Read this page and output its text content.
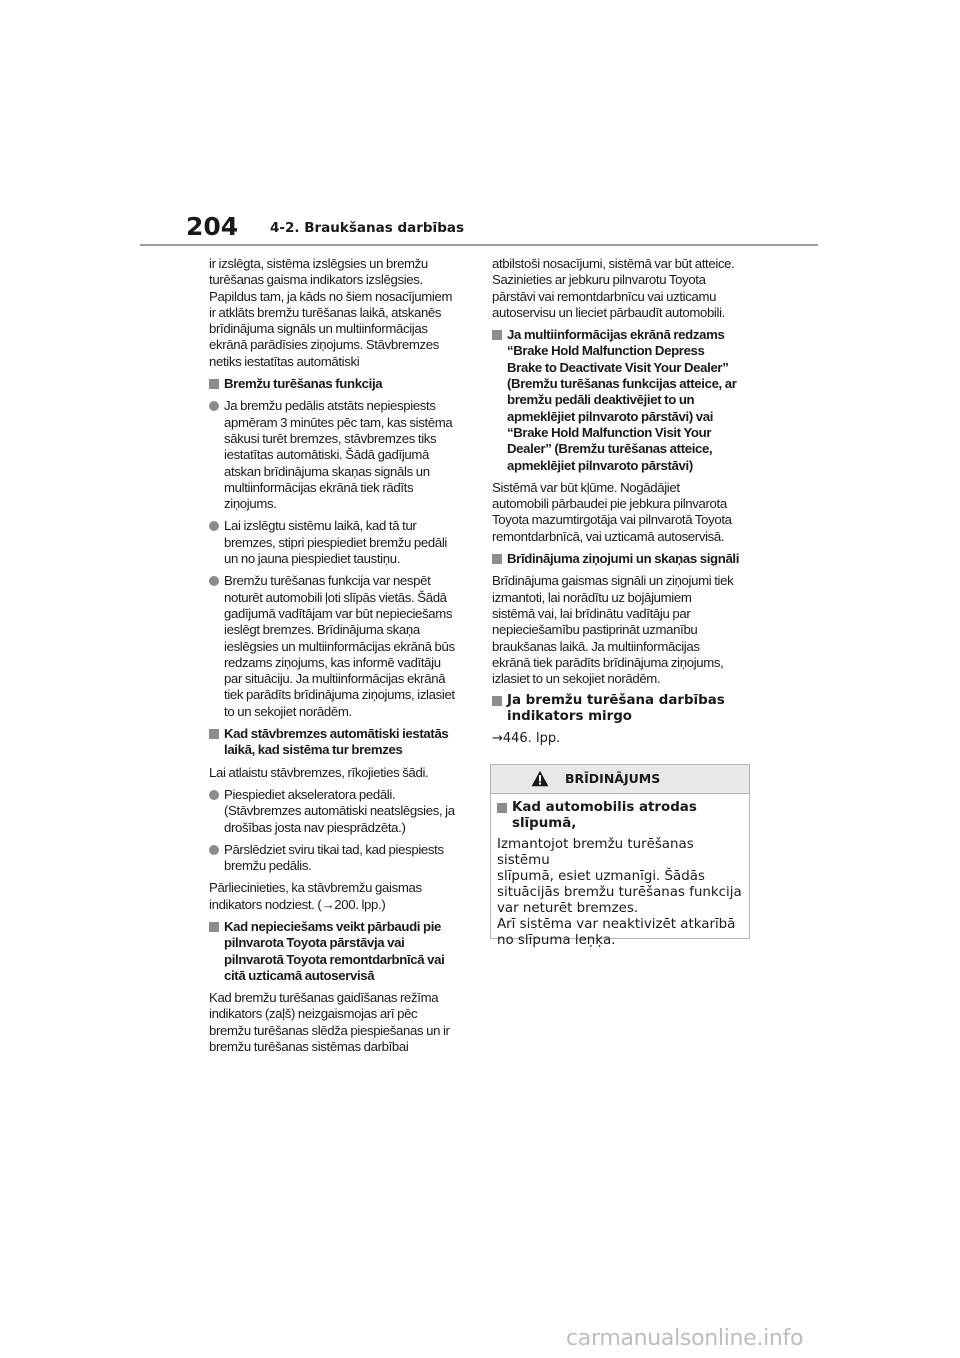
204 4-2. Braukšanas darbības
ir izslēgta, sistēma izslēgsies un bremžu
turēšanas gaisma indikators izslēgsies.
Papildus tam, ja kāds no šiem nosacījumiem
ir atklāts bremžu turēšanas laikā, atskanēs
brīdinājuma signāls un multiinformācijas
ekrānā parādīsies ziņojums. Stāvbremzes
netiks iestatītas automātiski
Bremžu turēšanas funkcija
Ja bremžu pedālis atstāts nepiespiests
apmēram 3 minūtes pēc tam, kas sistēma
sākusi turēt bremzes, stāvbremzes tiks
iestatītas automātiski. Šādā gadījumā
atskan brīdinājuma skaņas signāls un
multiinformācijas ekrānā tiek rādīts
ziņojums.
Lai izslēgtu sistēmu laikā, kad tā tur
bremzes, stipri piespiediet bremžu pedāli
un no jauna piespiediet taustiņu.
Bremžu turēšanas funkcija var nespēt
noturēt automobili ļoti slīpās vietās. Šādā
gadījumā vadītājam var būt nepieciešams
ieslēgt bremzes. Brīdinājuma skaņa
ieslēgsies un multiinformācijas ekrānā būs
redzams ziņojums, kas informē vadītāju
par situāciju. Ja multiinformācijas ekrānā
tiek parādīts brīdinājuma ziņojums, izlasiet
to un sekojiet norādēm.
Kad stāvbremzes automātiski iestatās
laikā, kad sistēma tur bremzes
Lai atlaistu stāvbremzes, rīkojieties šādi.
Piespiediet akseleratora pedāli.
(Stāvbremzes automātiski neatslēgsies, ja
drošības josta nav piesprādzēta.)
Pārslēdziet sviru tikai tad, kad piespiests
bremžu pedālis.
Pārliecinieties, ka stāvbremžu gaismas
indikators nodziest. (→200. lpp.)
Kad nepieciešams veikt pārbaudi pie
pilnvarota Toyota pārstāvja vai
pilnvarotā Toyota remontdarbnīcā vai
citā uzticamā autoservisā
Kad bremžu turēšanas gaidīšanas režīma
indikators (zaļš) neizgaismojas arī pēc
bremžu turēšanas slēdža piespiešanas un ir
bremžu turēšanas sistēmas darbībai
atbilstoši nosacījumi, sistēmā var būt atteice.
Sazinieties ar jebkuru pilnvarotu Toyota
pārstāvi vai remontdarbnīcu vai uzticamu
autoservisu un lieciet pārbaudīt automobili.
Ja multiinformācijas ekrānā redzams
“Brake Hold Malfunction Depress
Brake to Deactivate Visit Your Dealer”
(Bremžu turēšanas funkcijas atteice, ar
bremžu pedāli deaktivējiet to un
apmeklējiet pilnvaroto pārstāvi) vai
“Brake Hold Malfunction Visit Your
Dealer” (Bremžu turēšanas atteice,
apmeklējiet pilnvaroto pārstāvi)
Sistēmā var būt kļūme. Nogādājiet
automobili pārbaudei pie jebkura pilnvarota
Toyota mazumtirgotāja vai pilnvarotā Toyota
remontdarbnīcā, vai uzticamā autoservisā.
Brīdinājuma ziņojumi un skaņas signāli
Brīdinājuma gaismas signāli un ziņojumi tiek
izmantoti, lai norādītu uz bojājumiem
sistēmā vai, lai brīdinātu vadītāju par
nepieciešamību pastiprināt uzmanību
braukšanas laikā. Ja multiinformācijas
ekrānā tiek parādīts brīdinājuma ziņojums,
izlasiet to un sekojiet norādēm.
Ja bremžu turēšana darbības
indikators mirgo
→446. lpp.
BRĪDINĀJUMS
Kad automobilis atrodas
slīpumā,
Izmantojot bremžu turēšanas sistēmu
slīpumā, esiet uzmanīgi. Šādās
situācijās bremžu turēšanas funkcija
var neturēt bremzes.
Arī sistēma var neaktivizēt atkarībā
no slīpuma leņķa.
carmanualsonline.info
